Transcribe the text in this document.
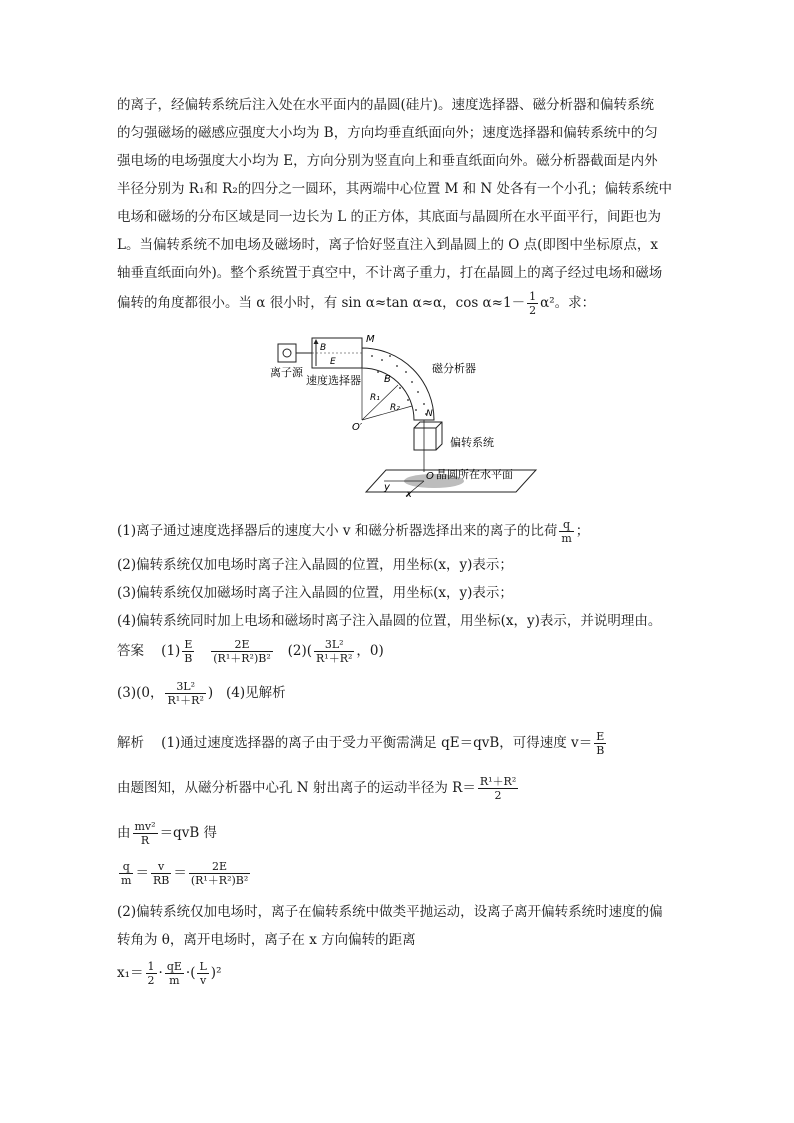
的离子，经偏转系统后注入处在水平面内的晶圆(硅片)。速度选择器、磁分析器和偏转系统
的匀强磁场的磁感应强度大小均为 B，方向均垂直纸面向外；速度选择器和偏转系统中的匀
强电场的电场强度大小均为 E，方向分别为竖直向上和垂直纸面向外。磁分析器截面是内外
半径分别为 R₁和 R₂的四分之一圆环，其两端中心位置 M 和 N 处各有一个小孔；偏转系统中
电场和磁场的分布区域是同一边长为 L 的正方体，其底面与晶圆所在水平面平行，间距也为
L。当偏转系统不加电场及磁场时，离子恰好竖直注入到晶圆上的 O 点(即图中坐标原点，x
轴垂直纸面向外)。整个系统置于真空中，不计离子重力，打在晶圆上的离子经过电场和磁场
偏转的角度都很小。当 α 很小时，有 sin α≈tan α≈α，$\cos \alpha\approx 1- \frac{1}{2} \alpha^2$。求：
离子源
B
E
速度选择器
M
B
磁分析器
R₁
R₂
O′
N
偏转系统
O
y
x
晶圆所在水平面
(1)离子通过速度选择器后的速度大小 v 和磁分析器选择出来的离子的比荷 $\frac{q}{m}$ ；
(2)偏转系统仅加电场时离子注入晶圆的位置，用坐标(x，y)表示；
(3)偏转系统仅加磁场时离子注入晶圆的位置，用坐标(x，y)表示；
(4)偏转系统同时加上电场和磁场时离子注入晶圆的位置，用坐标(x，y)表示，并说明理由。
答案 $(1) \frac{E}{B}$
$\frac{2E}{\text{(R¹＋R²)B²}} (2)( \frac{\text{3L²}}{\text{R¹＋R²}}$ ，0)
(3)(0， $\frac{\text{3L²}}{\text{R¹＋R²}}$ ) (4)见解析
解析 (1)通过速度选择器的离子由于受力平衡需满足 qE＝qvB，可得速度 $v= \frac{E}{B}$
由题图知，从磁分析器中心孔 N 射出离子的运动半径为 $R= \frac{\text{R¹＋R²}}{2}$
由 $\frac{\text{mv²}}{R} =qvB$ 得
$\frac{q}{m} = \frac{v}{RB} = \frac{2E}{\text{(R¹＋R²)B²}}$
(2)偏转系统仅加电场时，离子在偏转系统中做类平抛运动，设离子离开偏转系统时速度的偏
转角为 θ，离开电场时，离子在 x 方向偏转的距离
$x_1= \frac{1}{2} \cdot \frac{qE}{m}$ ·( $\frac{L}{v} )^2$
